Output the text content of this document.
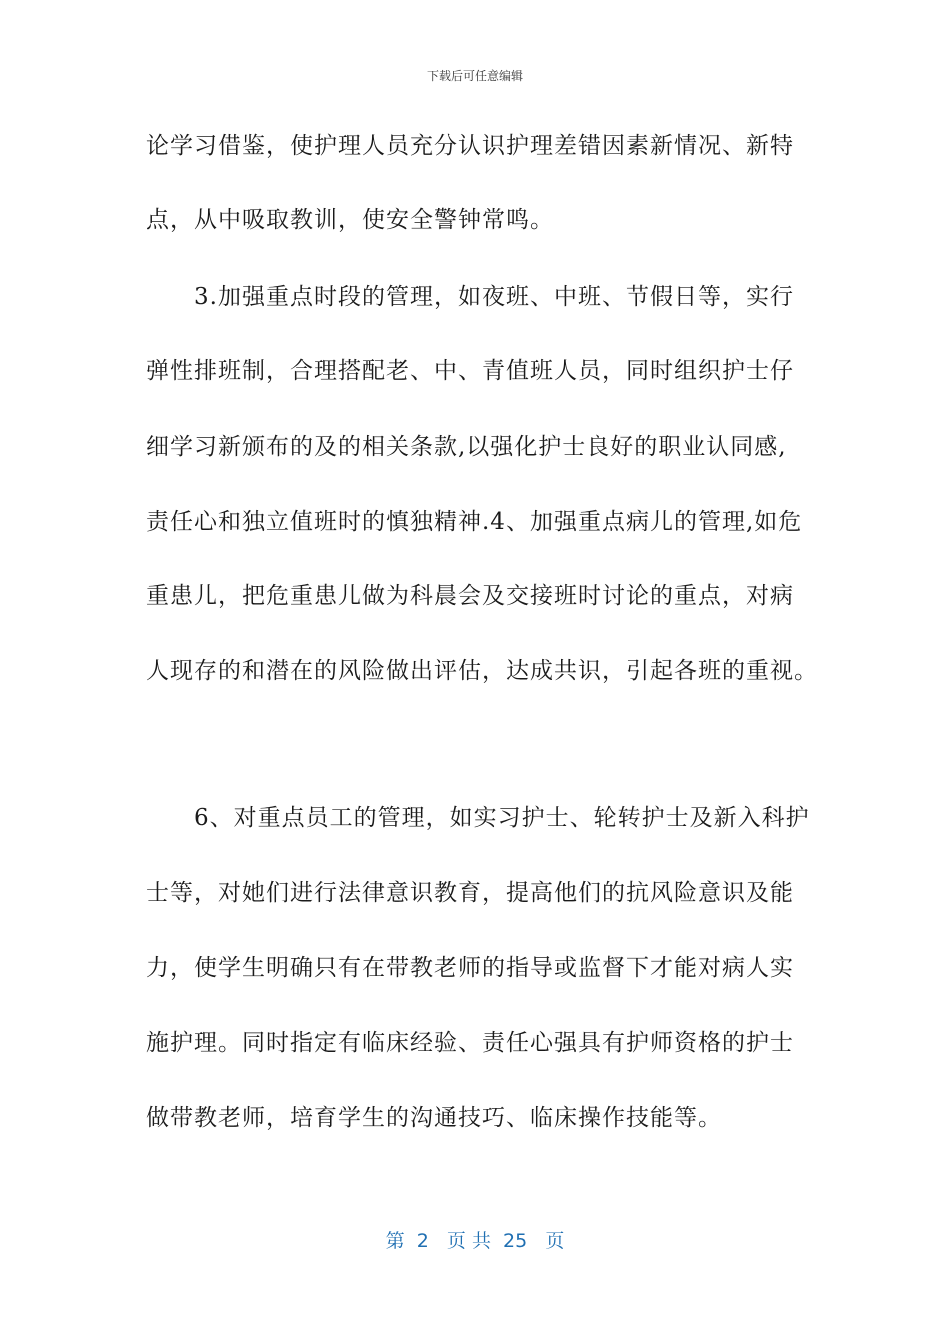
下载后可任意编辑
论学习借鉴，使护理人员充分认识护理差错因素新情况、新特
点，从中吸取教训，使安全警钟常鸣。
　　3.加强重点时段的管理，如夜班、中班、节假日等，实行
弹性排班制，合理搭配老、中、青值班人员，同时组织护士仔
细学习新颁布的及的相关条款,以强化护士良好的职业认同感,
责任心和独立值班时的慎独精神.4、加强重点病儿的管理,如危
重患儿，把危重患儿做为科晨会及交接班时讨论的重点，对病
人现存的和潜在的风险做出评估，达成共识，引起各班的重视。
　　6、对重点员工的管理，如实习护士、轮转护士及新入科护
士等，对她们进行法律意识教育，提高他们的抗风险意识及能
力，使学生明确只有在带教老师的指导或监督下才能对病人实
施护理。同时指定有临床经验、责任心强具有护师资格的护士
做带教老师，培育学生的沟通技巧、临床操作技能等。
第  2   页 共  25   页
